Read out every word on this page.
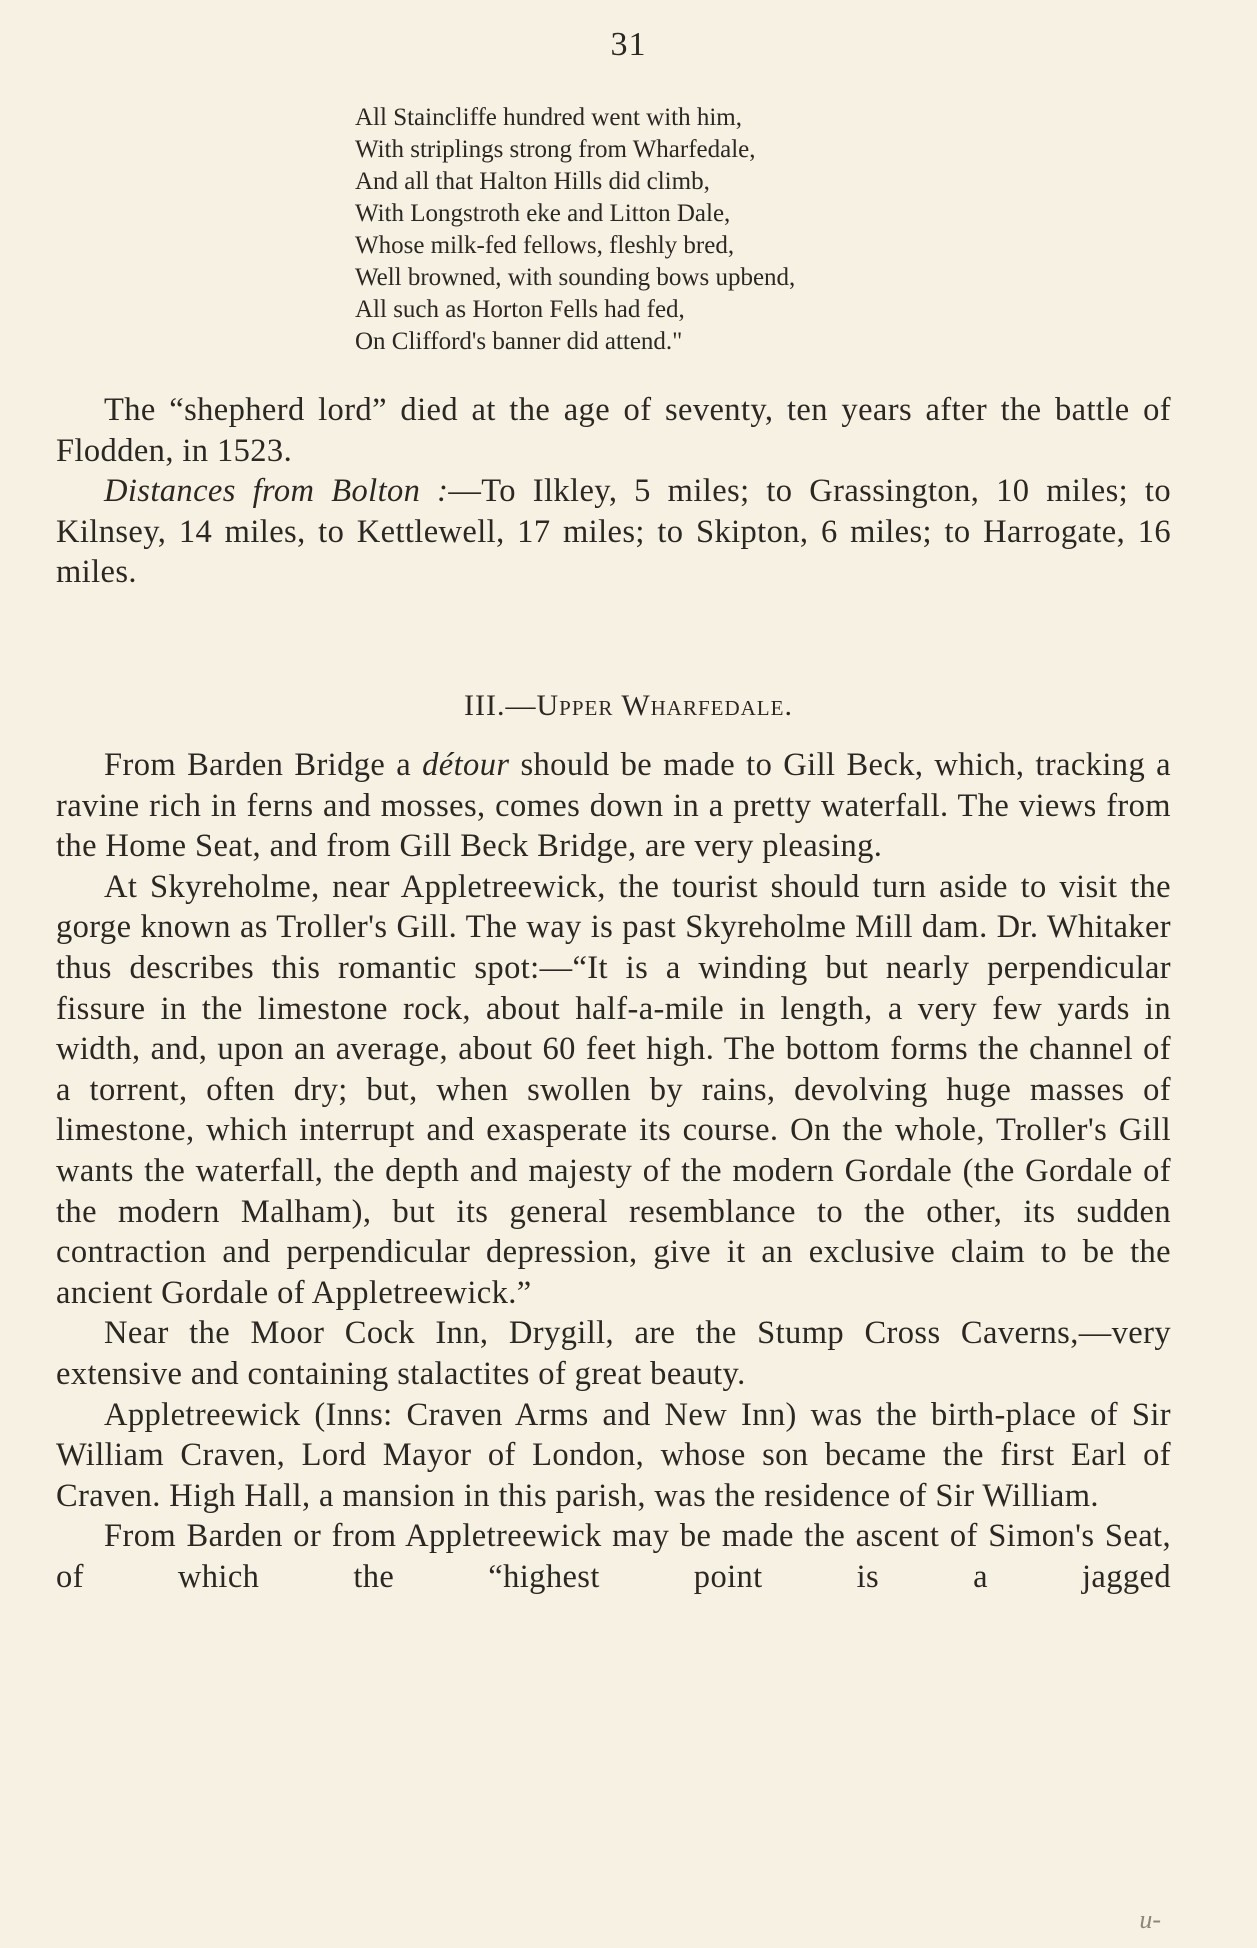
31
All Staincliffe hundred went with him,
With striplings strong from Wharfedale,
And all that Halton Hills did climb,
With Longstroth eke and Litton Dale,
Whose milk-fed fellows, fleshly bred,
Well browned, with sounding bows upbend,
All such as Horton Fells had fed,
On Clifford's banner did attend."

The “shepherd lord” died at the age of seventy, ten years after the battle of Flodden, in 1523.

Distances from Bolton :—To Ilkley, 5 miles; to Grassington, 10 miles; to Kilnsey, 14 miles, to Kettlewell, 17 miles; to Skipton, 6 miles; to Harrogate, 16 miles.

III.—Upper Wharfedale.

From Barden Bridge a détour should be made to Gill Beck, which, tracking a ravine rich in ferns and mosses, comes down in a pretty waterfall. The views from the Home Seat, and from Gill Beck Bridge, are very pleasing.

At Skyreholme, near Appletreewick, the tourist should turn aside to visit the gorge known as Troller's Gill. The way is past Skyreholme Mill dam. Dr. Whitaker thus describes this romantic spot:—“It is a winding but nearly perpendicular fissure in the limestone rock, about half-a-mile in length, a very few yards in width, and, upon an average, about 60 feet high. The bottom forms the channel of a torrent, often dry; but, when swollen by rains, devolving huge masses of limestone, which interrupt and exasperate its course. On the whole, Troller's Gill wants the waterfall, the depth and majesty of the modern Gordale (the Gordale of the modern Malham), but its general resemblance to the other, its sudden contraction and perpendicular depression, give it an exclusive claim to be the ancient Gordale of Appletreewick.”

Near the Moor Cock Inn, Drygill, are the Stump Cross Caverns,—very extensive and containing stalactites of great beauty.

Appletreewick (Inns: Craven Arms and New Inn) was the birth-place of Sir William Craven, Lord Mayor of London, whose son became the first Earl of Craven. High Hall, a mansion in this parish, was the residence of Sir William.

From Barden or from Appletreewick may be made the ascent of Simon's Seat, of which the “highest point is a jagged

u-
